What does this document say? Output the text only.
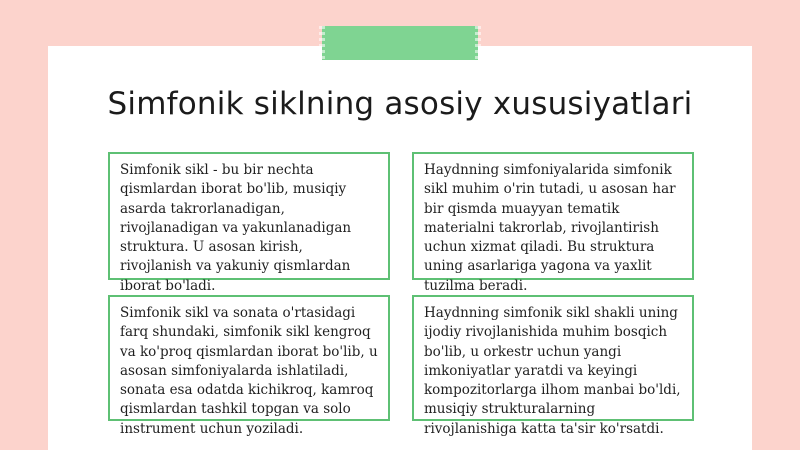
Simfonik siklning asosiy xususiyatlari

Simfonik sikl - bu bir nechta qismlardan iborat bo'lib, musiqiy asarda takrorlanadigan, rivojlanadigan va yakunlanadigan struktura. U asosan kirish, rivojlanish va yakuniy qismlardan iborat bo'ladi.

Haydnning simfoniyalarida simfonik sikl muhim o'rin tutadi, u asosan har bir qismda muayyan tematik materialni takrorlab, rivojlantirish uchun xizmat qiladi. Bu struktura uning asarlariga yagona va yaxlit tuzilma beradi.

Simfonik sikl va sonata o'rtasidagi farq shundaki, simfonik sikl kengroq va ko'proq qismlardan iborat bo'lib, u asosan simfoniyalarda ishlatiladi, sonata esa odatda kichikroq, kamroq qismlardan tashkil topgan va solo instrument uchun yoziladi.

Haydnning simfonik sikl shakli uning ijodiy rivojlanishida muhim bosqich bo'lib, u orkestr uchun yangi imkoniyatlar yaratdi va keyingi kompozitorlarga ilhom manbai bo'ldi, musiqiy strukturalarning rivojlanishiga katta ta'sir ko'rsatdi.
